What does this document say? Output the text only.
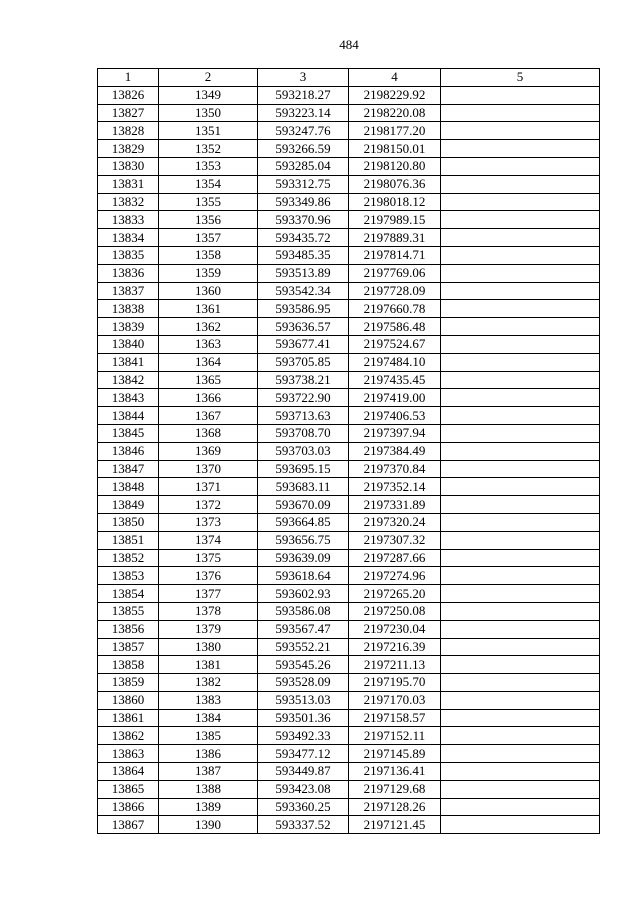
484
1	2	3	4	5
13826	1349	593218.27	2198229.92	
13827	1350	593223.14	2198220.08	
13828	1351	593247.76	2198177.20	
13829	1352	593266.59	2198150.01	
13830	1353	593285.04	2198120.80	
13831	1354	593312.75	2198076.36	
13832	1355	593349.86	2198018.12	
13833	1356	593370.96	2197989.15	
13834	1357	593435.72	2197889.31	
13835	1358	593485.35	2197814.71	
13836	1359	593513.89	2197769.06	
13837	1360	593542.34	2197728.09	
13838	1361	593586.95	2197660.78	
13839	1362	593636.57	2197586.48	
13840	1363	593677.41	2197524.67	
13841	1364	593705.85	2197484.10	
13842	1365	593738.21	2197435.45	
13843	1366	593722.90	2197419.00	
13844	1367	593713.63	2197406.53	
13845	1368	593708.70	2197397.94	
13846	1369	593703.03	2197384.49	
13847	1370	593695.15	2197370.84	
13848	1371	593683.11	2197352.14	
13849	1372	593670.09	2197331.89	
13850	1373	593664.85	2197320.24	
13851	1374	593656.75	2197307.32	
13852	1375	593639.09	2197287.66	
13853	1376	593618.64	2197274.96	
13854	1377	593602.93	2197265.20	
13855	1378	593586.08	2197250.08	
13856	1379	593567.47	2197230.04	
13857	1380	593552.21	2197216.39	
13858	1381	593545.26	2197211.13	
13859	1382	593528.09	2197195.70	
13860	1383	593513.03	2197170.03	
13861	1384	593501.36	2197158.57	
13862	1385	593492.33	2197152.11	
13863	1386	593477.12	2197145.89	
13864	1387	593449.87	2197136.41	
13865	1388	593423.08	2197129.68	
13866	1389	593360.25	2197128.26	
13867	1390	593337.52	2197121.45	
